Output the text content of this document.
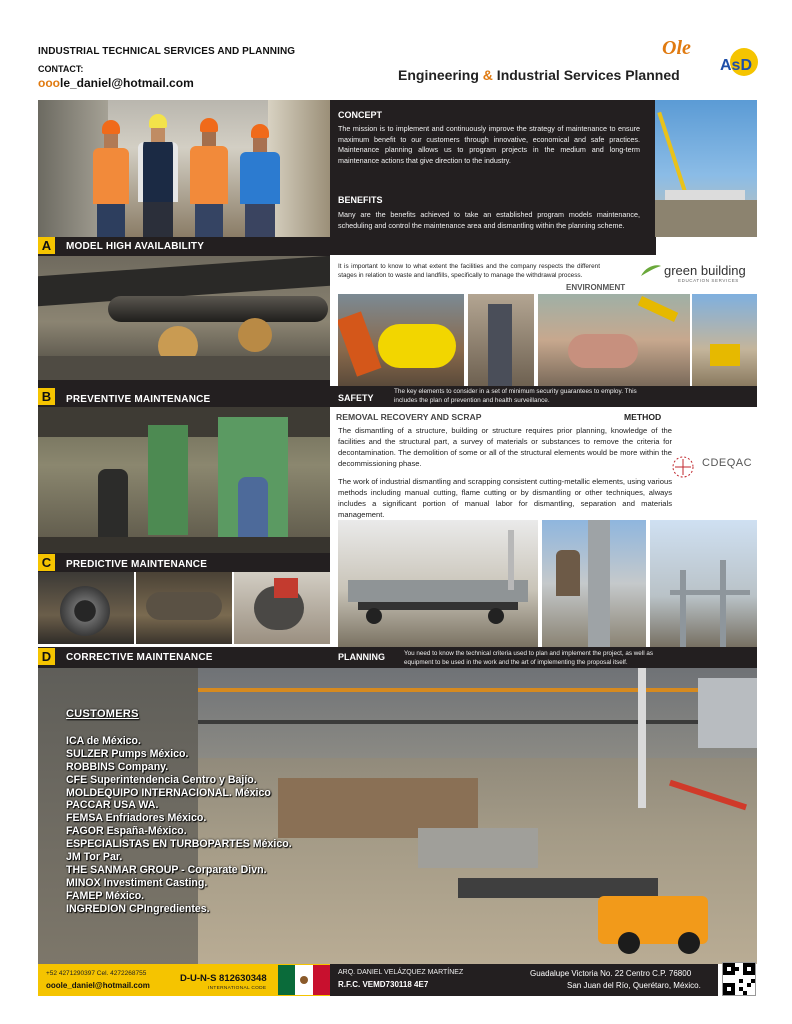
INDUSTRIAL TECHNICAL SERVICES AND PLANNING
CONTACT:
ooole_daniel@hotmail.com	Engineering & Industrial Services Planned
Ole
AsD
CONCEPT
The mission is to implement and continuously improve the strategy of maintenance to ensure maximum benefit to our customers through innovative, economical and safe practices. Maintenance planning allows us to program projects in the medium and long-term maintenance actions that give direction to the industry.
BENEFITS
Many are the benefits achieved to take an established program models maintenance, scheduling and control the maintenance area and dismantling within the planning scheme.
A	MODEL HIGH AVAILABILITY
It is important to know to what extent the facilities and the company respects the different stages in relation to waste and landfills, specifically to manage the withdrawal process.	green building
EDUCATION SERVICES
ENVIRONMENT
B	PREVENTIVE MAINTENANCE	SAFETY
The key elements to consider in a set of minimum security guarantees to employ. This includes the plan of prevention and health surveillance.
REMOVAL RECOVERY AND SCRAP	METHOD
The dismantling of a structure, building or structure requires prior planning, knowledge of the facilities and the structural part, a survey of materials or substances to remove the criteria for decontamination. The demolition of some or all of the structural elements would be more within the decommissioning phase.
The work of industrial dismantling and scrapping consistent cutting-metallic elements, using various methods including manual cutting, flame cutting or by dismantling or other techniques, always includes a significant portion of manual labor for dismantling, separation and materials management.
CDEQAC
C	PREDICTIVE MAINTENANCE
D	CORRECTIVE MAINTENANCE	PLANNING	You need to know the technical criteria used to plan and implement the project, as well as equipment to be used in the work and the art of implementing the proposal itself.
CUSTOMERS
ICA de México.
SULZER Pumps México.
ROBBINS Company.
CFE Superintendencia Centro y Bajío.
MOLDEQUIPO INTERNACIONAL. México
PACCAR USA WA.
FEMSA Enfriadores México.
FAGOR España-México.
ESPECIALISTAS EN TURBOPARTES México.
JM Tor Par.
THE SANMAR GROUP - Corparate Divn.
MINOX Investiment Casting.
FAMEP México.
INGREDION CPIngredientes.
+52 4271290397 Cel. 4272268755
ooole_daniel@hotmail.com
D-U-N-S 812630348
INTERNATIONAL CODE
ARQ. DANIEL VELÁZQUEZ MARTÍNEZ
R.F.C. VEMD730118 4E7
Guadalupe Victoria No. 22 Centro C.P. 76800
San Juan del Río, Querétaro, México.
